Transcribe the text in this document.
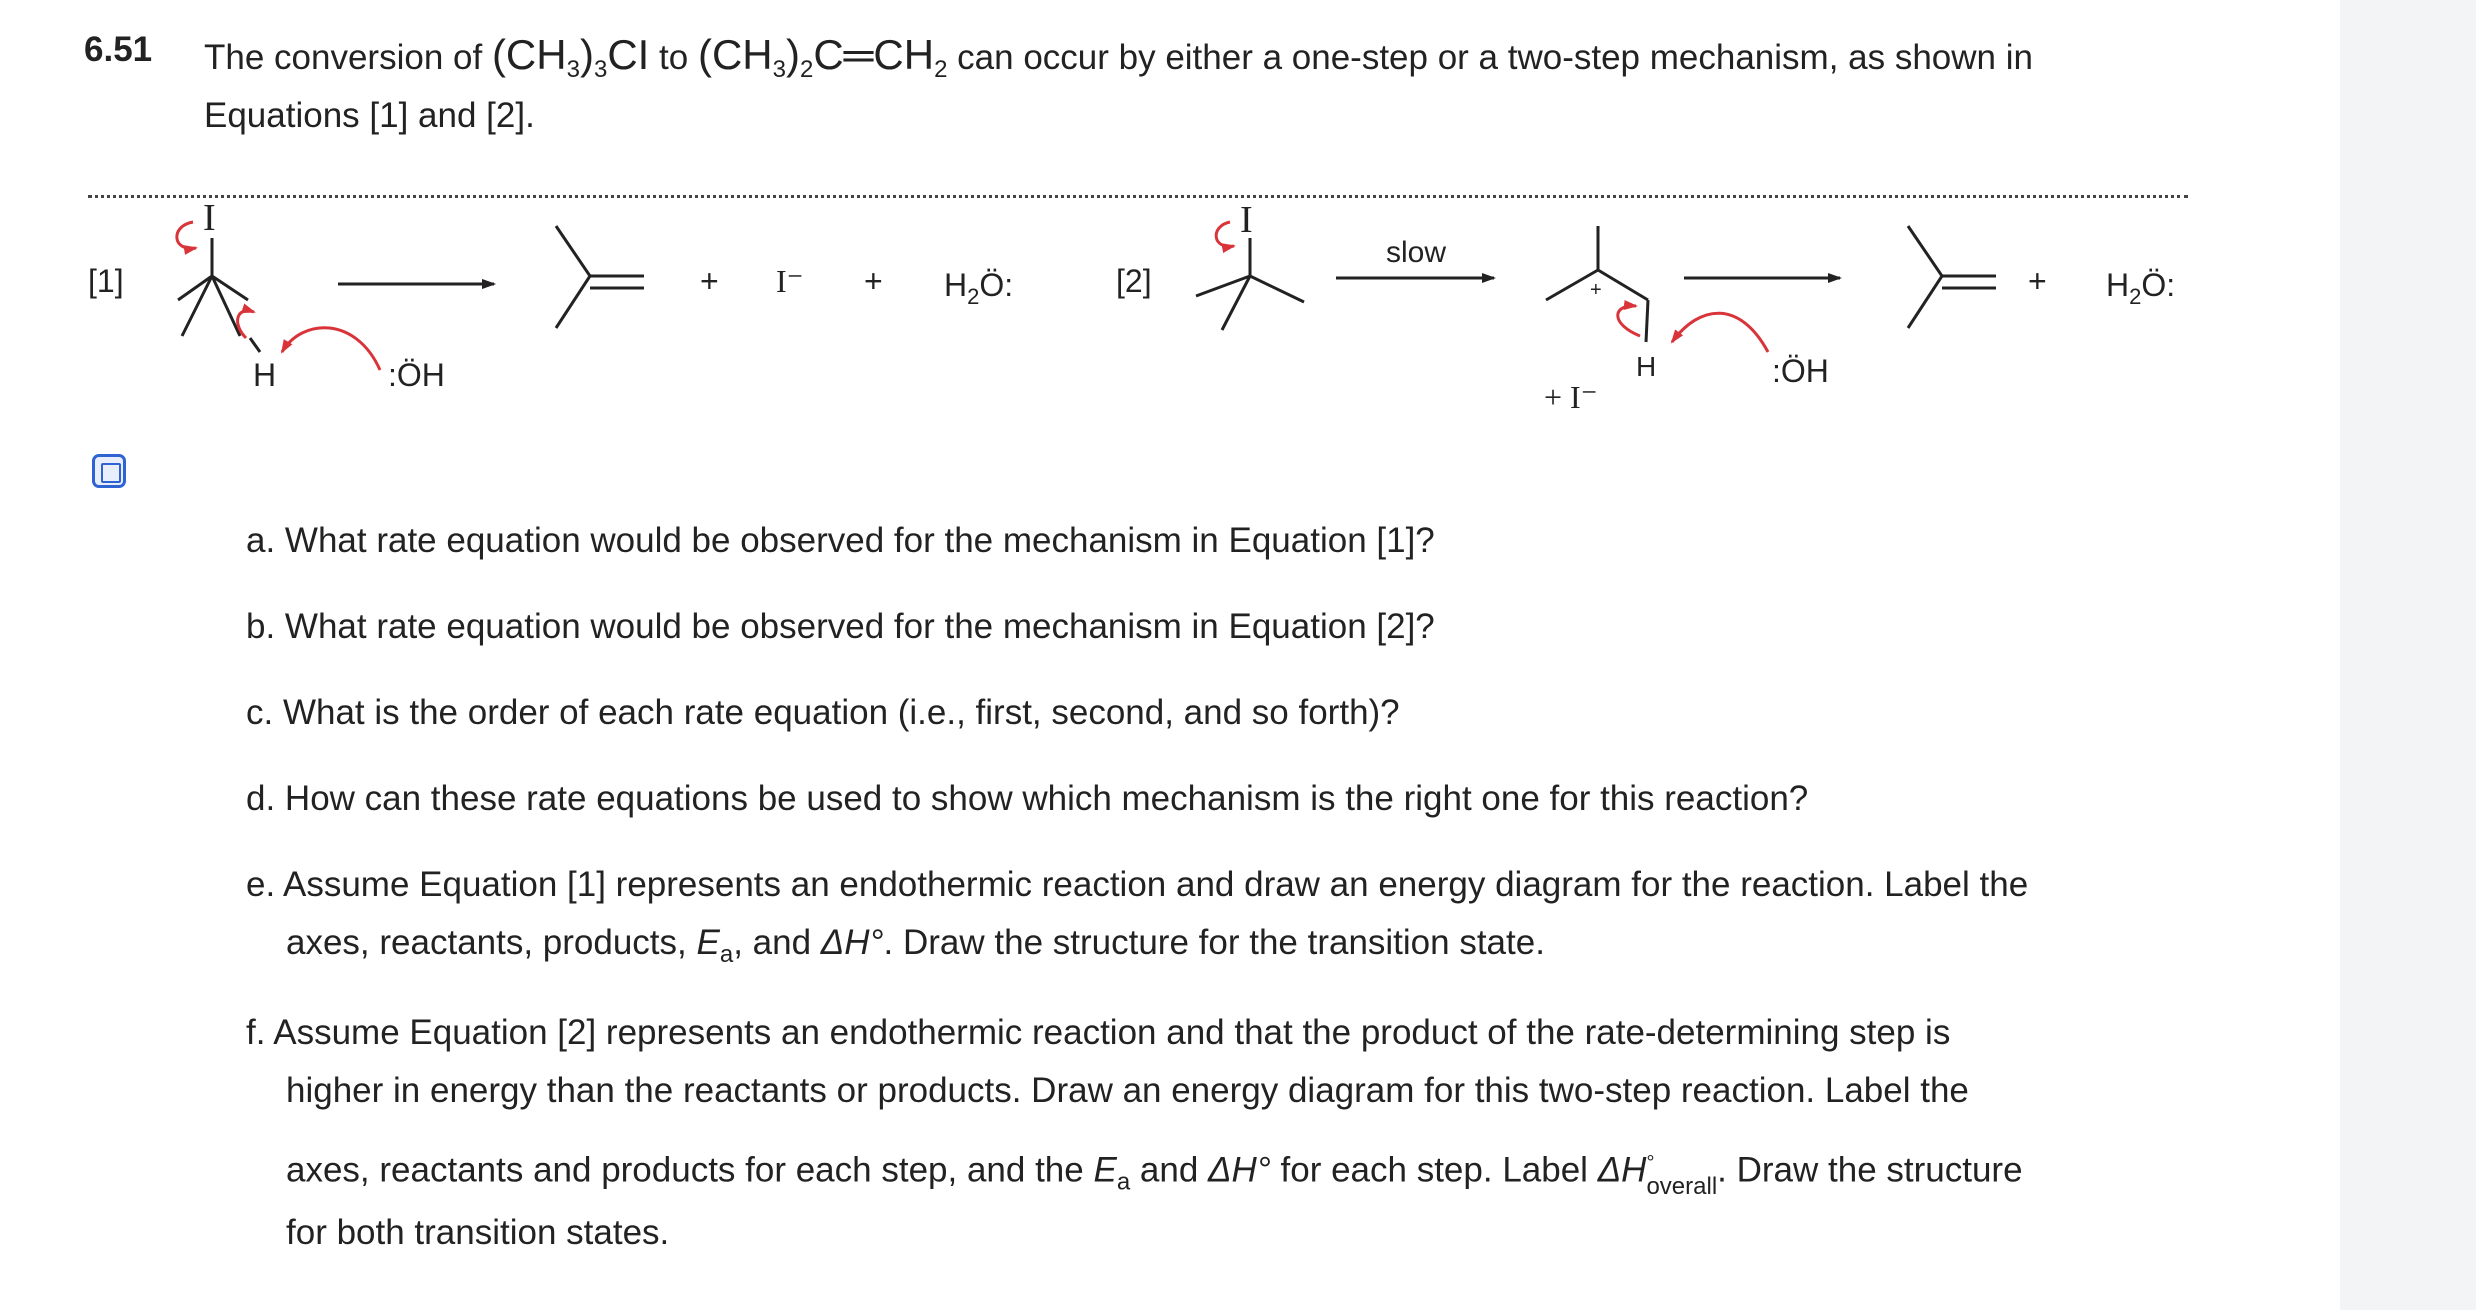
6.51 The conversion of $(CH_3)_3CI$ to $(CH_3)_2C═CH_2$ can occur by either a one-step or a two-step mechanism, as shown in
Equations [1] and [2].
[1]
I
H	:ÖH
+ $I^- + H_2Ö$:	[2]
I
slow
+
H	:ÖH
+ I⁻
+ $H_2Ö$:
a. What rate equation would be observed for the mechanism in Equation [1]?
b. What rate equation would be observed for the mechanism in Equation [2]?
c. What is the order of each rate equation (i.e., first, second, and so forth)?
d. How can these rate equations be used to show which mechanism is the right one for this reaction?
e. Assume Equation [1] represents an endothermic reaction and draw an energy diagram for the reaction. Label the
axes, reactants, products, $E_a$, and ΔH°. Draw the structure for the transition state.
f. Assume Equation [2] represents an endothermic reaction and that the product of the rate-determining step is
higher in energy than the reactants or products. Draw an energy diagram for this two-step reaction. Label the
axes, reactants and products for each step, and the $E_a$ and ΔH° for each step. Label $\Delta H^\circ_{overall}$. Draw the structure
for both transition states.
